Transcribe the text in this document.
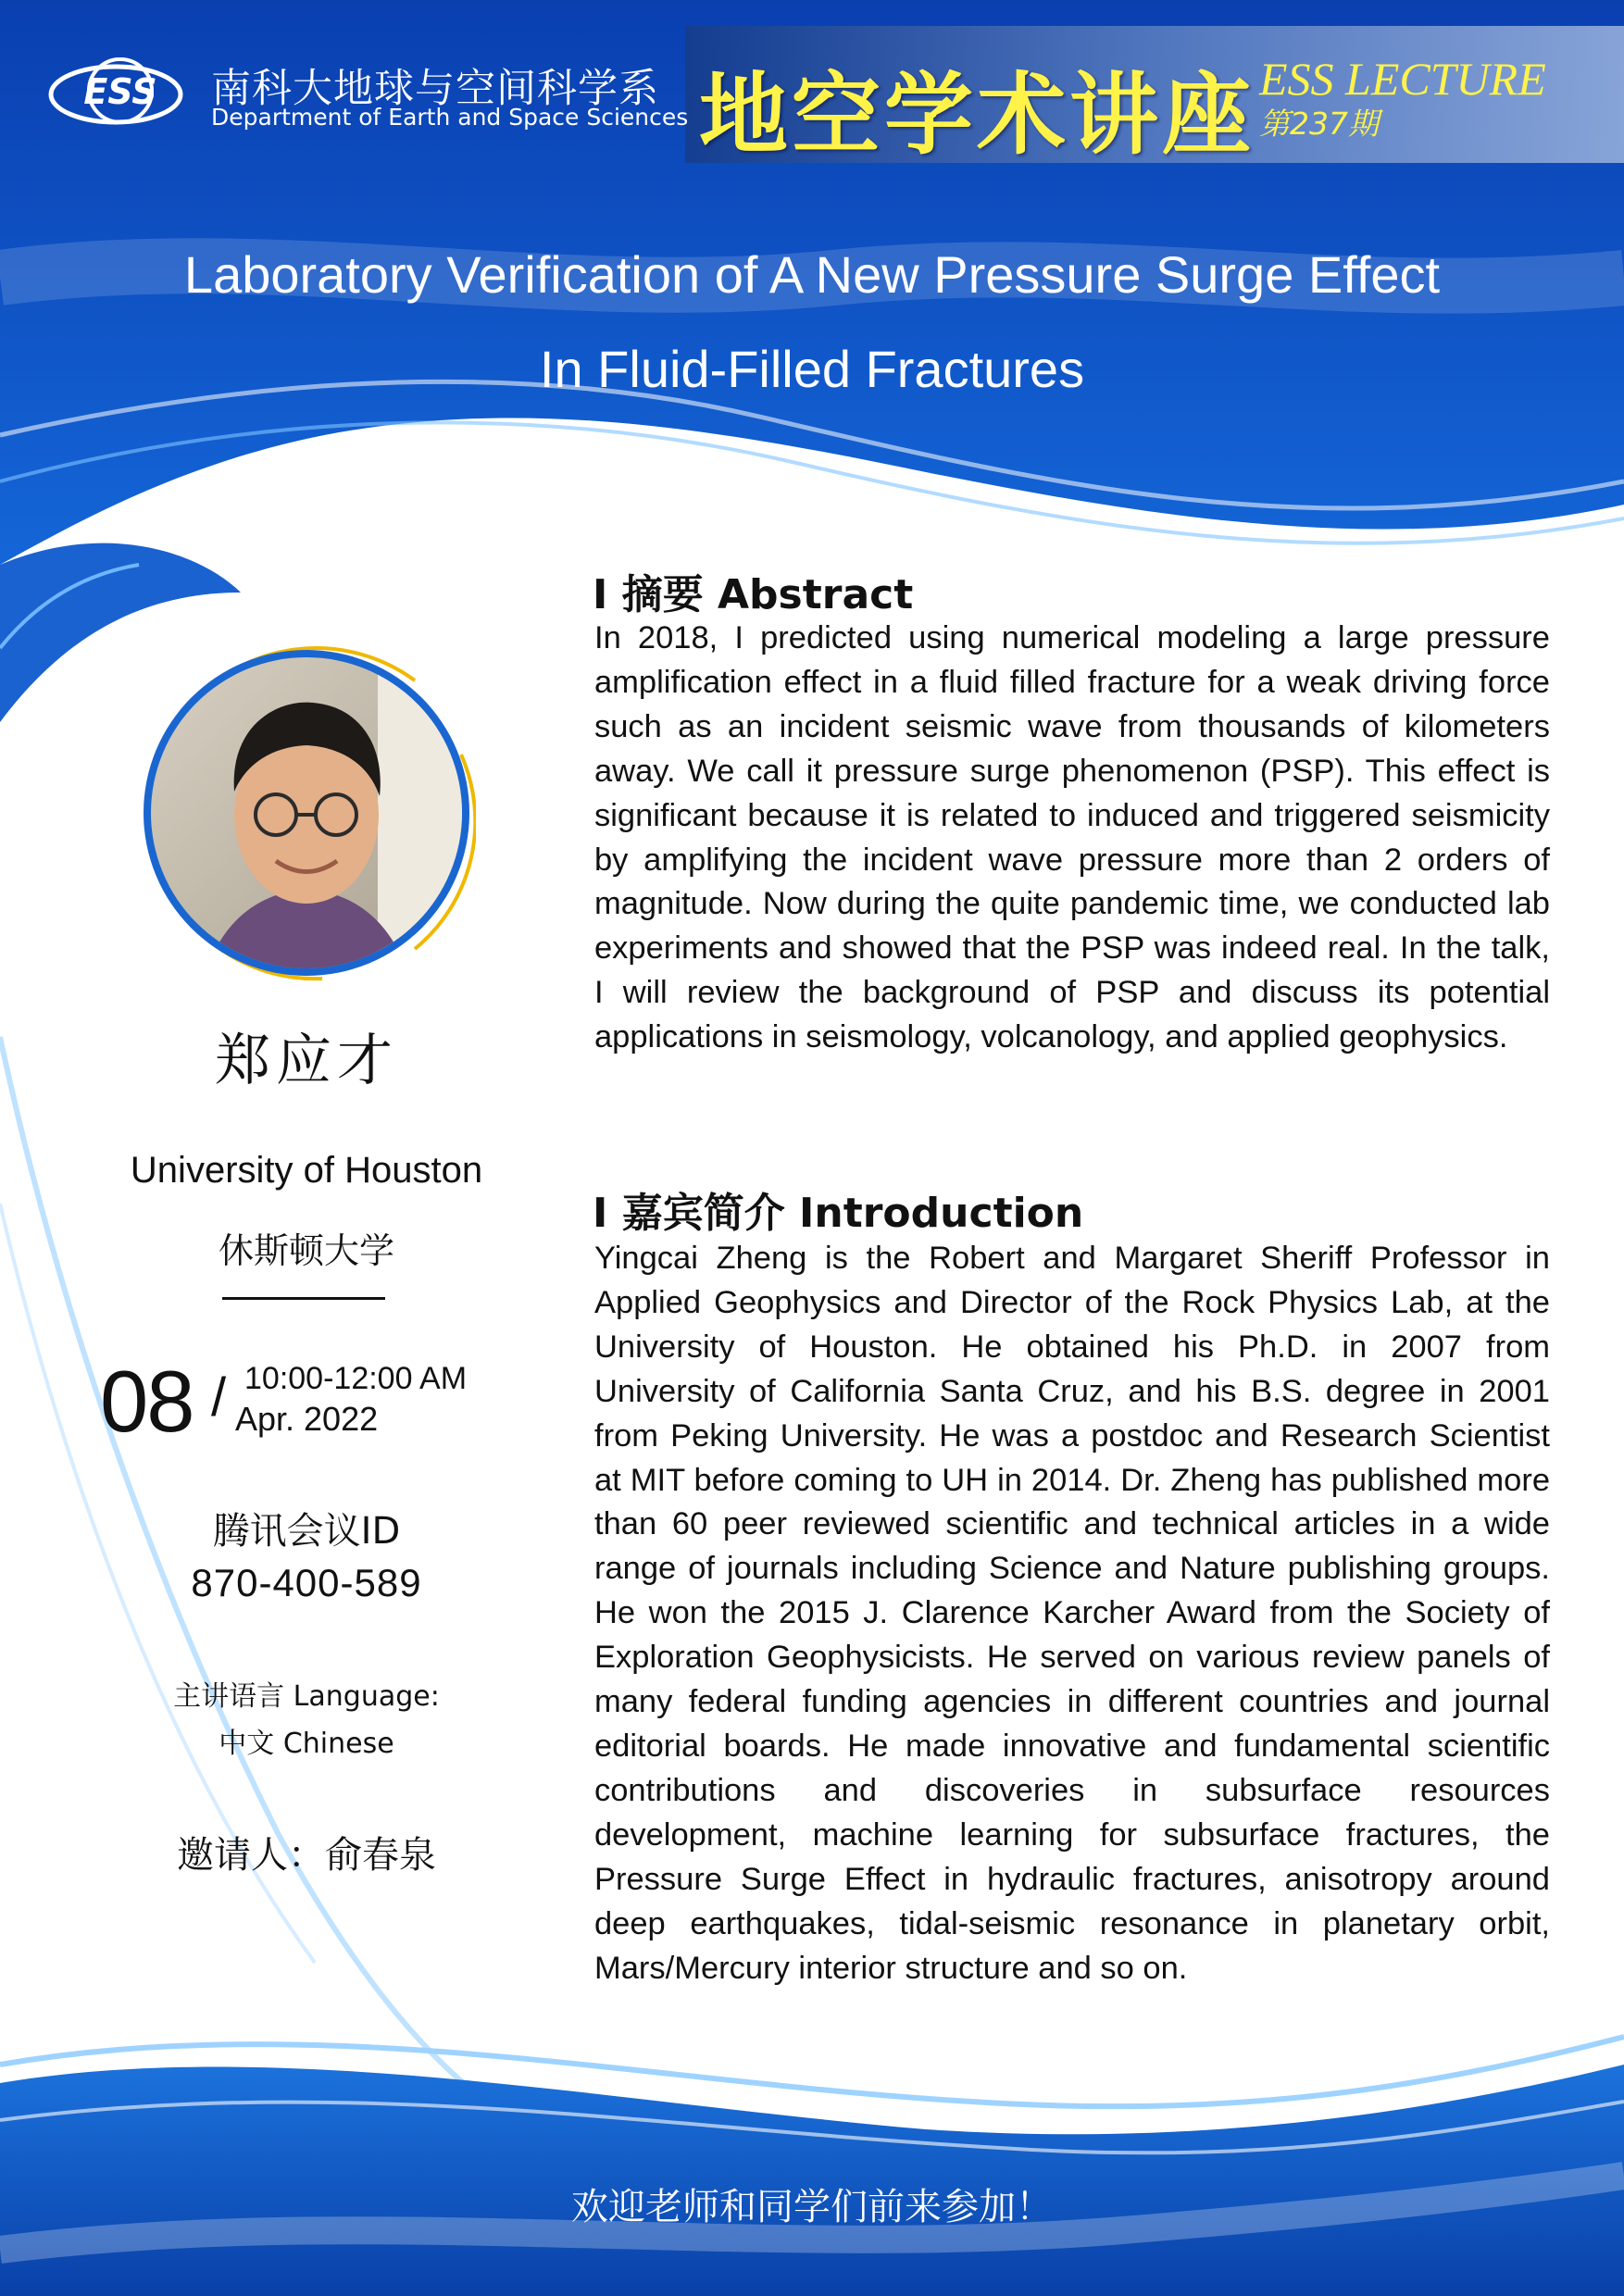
ESS 南科大地球与空间科学系
Department of Earth and Space Sciences 地空学术讲座 ESS LECTURE
第237期
Laboratory Verification of A New Pressure Surge Effect
In Fluid-Filled Fractures
郑应才
University of Houston
休斯顿大学
08 / 10:00-12:00 AM
Apr. 2022
腾讯会议ID
870-400-589
主讲语言 Language:
中文 Chinese
邀请人：俞春泉
I 摘要 Abstract
In 2018, I predicted using numerical modeling a large pressure amplification effect in a fluid filled fracture for a weak driving force such as an incident seismic wave from thousands of kilometers away. We call it pressure surge phenomenon (PSP). This effect is significant because it is related to induced and triggered seismicity by amplifying the incident wave pressure more than 2 orders of magnitude. Now during the quite pandemic time, we conducted lab experiments and showed that the PSP was indeed real. In the talk, I will review the background of PSP and discuss its potential applications in seismology, volcanology, and applied geophysics.
I 嘉宾简介 Introduction
Yingcai Zheng is the Robert and Margaret Sheriff Professor in Applied Geophysics and Director of the Rock Physics Lab, at the University of Houston. He obtained his Ph.D. in 2007 from University of California Santa Cruz, and his B.S. degree in 2001 from Peking University. He was a postdoc and Research Scientist at MIT before coming to UH in 2014. Dr. Zheng has published more than 60 peer reviewed scientific and technical articles in a wide range of journals including Science and Nature publishing groups. He won the 2015 J. Clarence Karcher Award from the Society of Exploration Geophysicists. He served on various review panels of many federal funding agencies in different countries and journal editorial boards. He made innovative and fundamental scientific contributions and discoveries in subsurface resources development, machine learning for subsurface fractures, the Pressure Surge Effect in hydraulic fractures, anisotropy around deep earthquakes, tidal-seismic resonance in planetary orbit, Mars/Mercury interior structure and so on.
欢迎老师和同学们前来参加！
